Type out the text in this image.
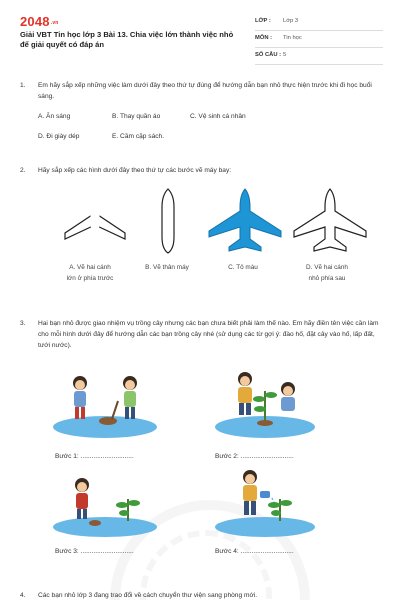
2048.vn
Giải VBT Tin học lớp 3 Bài 13. Chia việc lớn thành việc nhỏ để giải quyết có đáp án
LỚP : Lớp 3
MÔN : Tin học
SỐ CÂU : 5
1. Em hãy sắp xếp những việc làm dưới đây theo thứ tự đúng để hướng dẫn bạn nhỏ thực hiện trước khi đi học buổi sáng.
A. Ăn sáng	B. Thay quần áo	C. Vệ sinh cá nhân
D. Đi giày dép	E. Cầm cặp sách.
2. Hãy sắp xếp các hình dưới đây theo thứ tự các bước vẽ máy bay:
A. Vẽ hai cánh
lớn ở phía trước
B. Vẽ thân máy	C. Tô màu	D. Vẽ hai cánh
nhỏ phía sau
3. Hai bạn nhỏ được giao nhiệm vụ trồng cây nhưng các bạn chưa biết phải làm thế nào. Em hãy điền tên việc cần làm cho mỗi hình dưới đây để hướng dẫn các bạn trồng cây nhé (sử dụng các từ gợi ý: đào hố, đặt cây vào hố, lấp đất, tưới nước).
Bước 1: .............................	Bước 2: .............................
Bước 3: .............................	Bước 4: .............................
4. Các bạn nhỏ lớp 3 đang trao đổi về cách chuyển thư viện sang phòng mới.
